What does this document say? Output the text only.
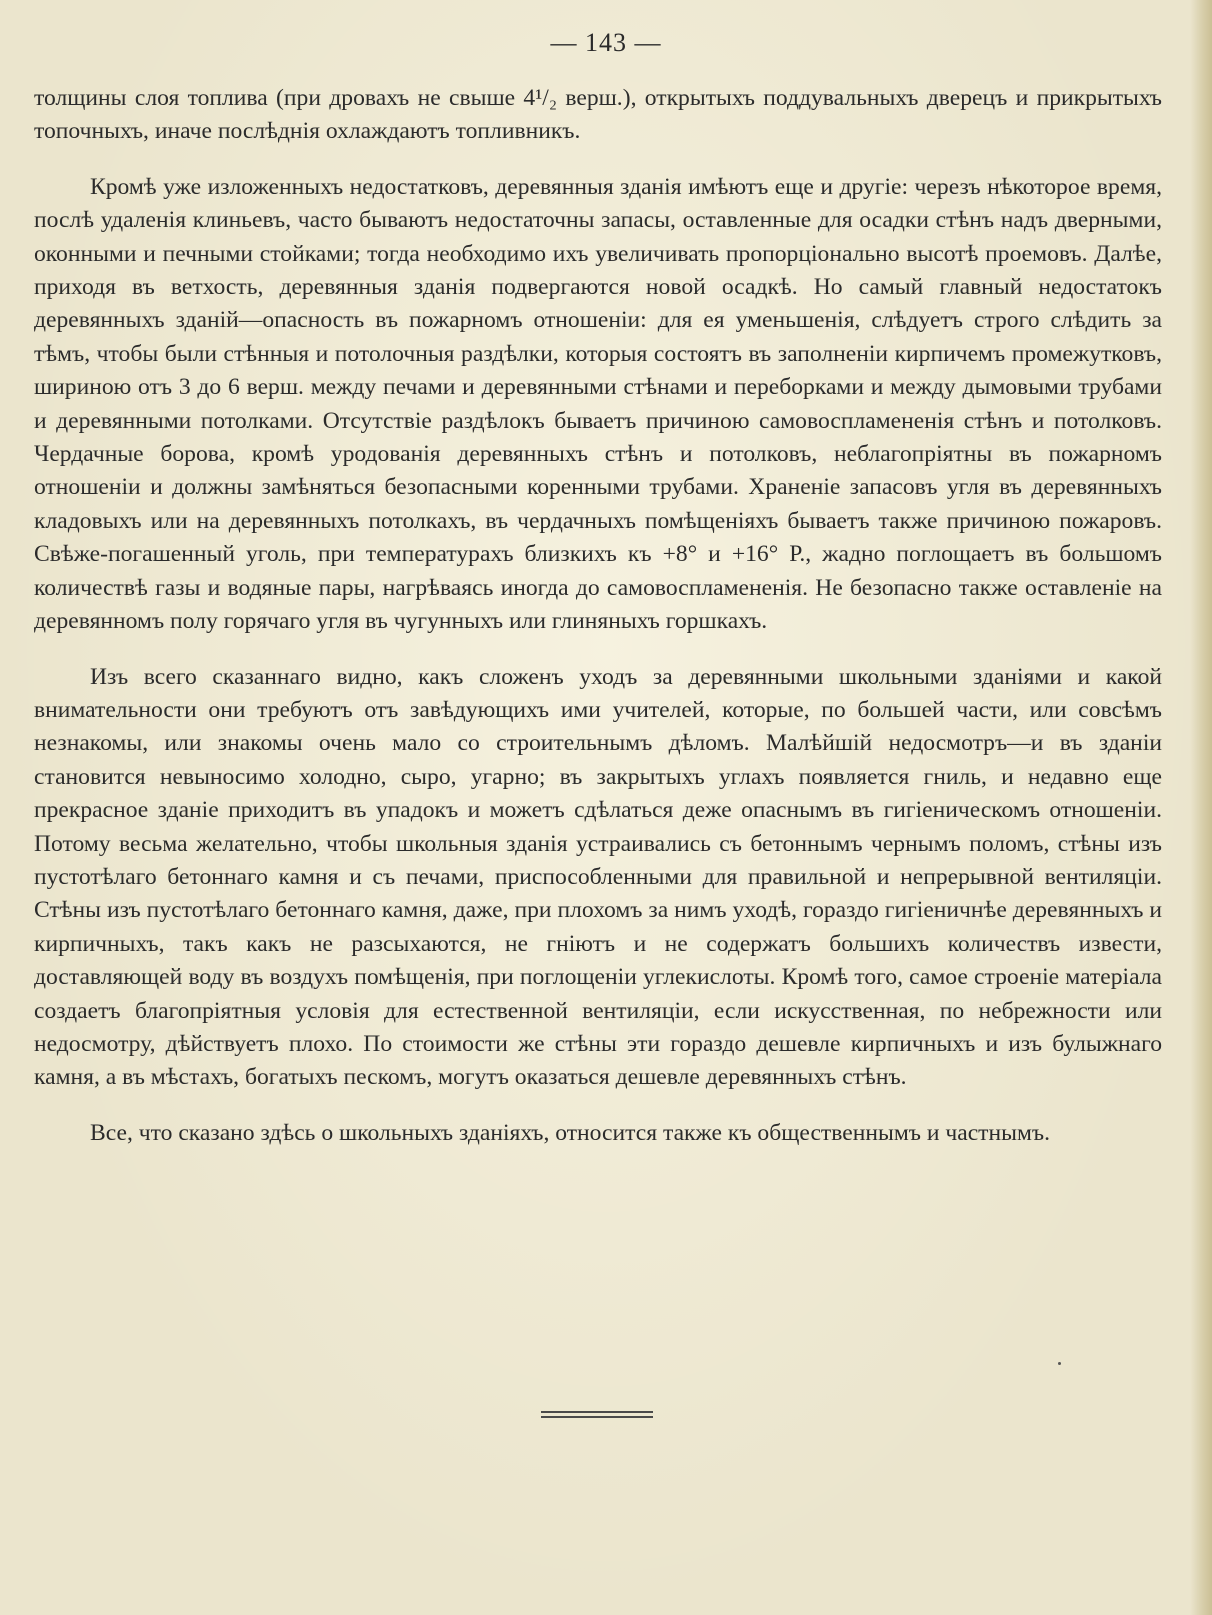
— 143 —

толщины слоя топлива (при дровахъ не свыше 4¹/₂ верш.), открытыхъ поддувальныхъ дверецъ и прикрытыхъ топочныхъ, иначе послѣднія охлаждаютъ топливникъ.

Кромѣ уже изложенныхъ недостатковъ, деревянныя зданія имѣютъ еще и другіе: черезъ нѣкоторое время, послѣ удаленія клиньевъ, часто бываютъ недостаточны запасы, оставленные для осадки стѣнъ надъ дверными, оконными и печными стойками; тогда необходимо ихъ увеличивать пропорціонально высотѣ проемовъ. Далѣе, приходя въ ветхость, деревянныя зданія подвергаются новой осадкѣ. Но самый главный недостатокъ деревянныхъ зданій—опасность въ пожарномъ отношеніи: для ея уменьшенія, слѣдуетъ строго слѣдить за тѣмъ, чтобы были стѣнныя и потолочныя раздѣлки, которыя состоятъ въ заполненіи кирпичемъ промежутковъ, шириною отъ 3 до 6 верш. между печами и деревянными стѣнами и переборками и между дымовыми трубами и деревянными потолками. Отсутствіе раздѣлокъ бываетъ причиною самовоспламененія стѣнъ и потолковъ. Чердачные борова, кромѣ уродованія деревянныхъ стѣнъ и потолковъ, неблагопріятны въ пожарномъ отношеніи и должны замѣняться безопасными коренными трубами. Храненіе запасовъ угля въ деревянныхъ кладовыхъ или на деревянныхъ потолкахъ, въ чердачныхъ помѣщеніяхъ бываетъ также причиною пожаровъ. Свѣже-погашенный уголь, при температурахъ близкихъ къ +8° и +16° Р., жадно поглощаетъ въ большомъ количествѣ газы и водяные пары, нагрѣваясь иногда до самовоспламененія. Не безопасно также оставленіе на деревянномъ полу горячаго угля въ чугунныхъ или глиняныхъ горшкахъ.

Изъ всего сказаннаго видно, какъ сложенъ уходъ за деревянными школьными зданіями и какой внимательности они требуютъ отъ завѣдующихъ ими учителей, которые, по большей части, или совсѣмъ незнакомы, или знакомы очень мало со строительнымъ дѣломъ. Малѣйшій недосмотръ—и въ зданіи становится невыносимо холодно, сыро, угарно; въ закрытыхъ углахъ появляется гниль, и недавно еще прекрасное зданіе приходитъ въ упадокъ и можетъ сдѣлаться деже опаснымъ въ гигіеническомъ отношеніи. Потому весьма желательно, чтобы школьныя зданія устраивались съ бетоннымъ чернымъ поломъ, стѣны изъ пустотѣлаго бетоннаго камня и съ печами, приспособленными для правильной и непрерывной вентиляціи. Стѣны изъ пустотѣлаго бетоннаго камня, даже, при плохомъ за нимъ уходѣ, гораздо гигіеничнѣе деревянныхъ и кирпичныхъ, такъ какъ не разсыхаются, не гніютъ и не содержатъ большихъ количествъ извести, доставляющей воду въ воздухъ помѣщенія, при поглощеніи углекислоты. Кромѣ того, самое строеніе матеріала создаетъ благопріятныя условія для естественной вентиляціи, если искусственная, по небрежности или недосмотру, дѣйствуетъ плохо. По стоимости же стѣны эти гораздо дешевле кирпичныхъ и изъ булыжнаго камня, а въ мѣстахъ, богатыхъ пескомъ, могутъ оказаться дешевле деревянныхъ стѣнъ.

Все, что сказано здѣсь о школьныхъ зданіяхъ, относится также къ общественнымъ и частнымъ.
